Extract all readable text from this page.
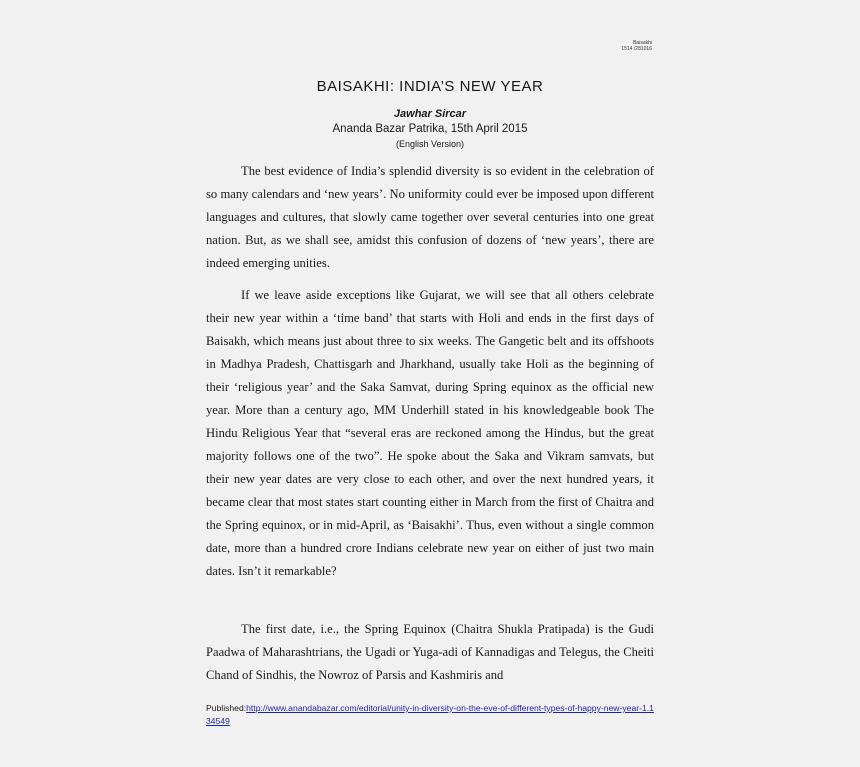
Baisakhi
1514 /281016
BAISAKHI: INDIA’S NEW YEAR
Jawhar Sircar
Ananda Bazar Patrika, 15th April 2015
(English Version)

The best evidence of India’s splendid diversity is so evident in the celebration of so many calendars and ‘new years’. No uniformity could ever be imposed upon different languages and cultures, that slowly came together over several centuries into one great nation. But, as we shall see, amidst this confusion of dozens of ‘new years’, there are indeed emerging unities.

If we leave aside exceptions like Gujarat, we will see that all others celebrate their new year within a ‘time band’ that starts with Holi and ends in the first days of Baisakh, which means just about three to six weeks. The Gangetic belt and its offshoots in Madhya Pradesh, Chattisgarh and Jharkhand, usually take Holi as the beginning of their ‘religious year’ and the Saka Samvat, during Spring equinox as the official new year. More than a century ago, MM Underhill stated in his knowledgeable book The Hindu Religious Year that “several eras are reckoned among the Hindus, but the great majority follows one of the two”. He spoke about the Saka and Vikram samvats, but their new year dates are very close to each other, and over the next hundred years, it became clear that most states start counting either in March from the first of Chaitra and the Spring equinox, or in mid-April, as ‘Baisakhi’. Thus, even without a single common date, more than a hundred crore Indians celebrate new year on either of just two main dates. Isn’t it remarkable?

The first date, i.e., the Spring Equinox (Chaitra Shukla Pratipada) is the Gudi Paadwa of Maharashtrians, the Ugadi or Yuga-adi of Kannadigas and Telegus, the Cheiti Chand of Sindhis, the Nowroz of Parsis and Kashmiris and

Published:http://www.anandabazar.com/editorial/unity-in-diversity-on-the-eve-of-different-types-of-happy-new-year-1.134549
